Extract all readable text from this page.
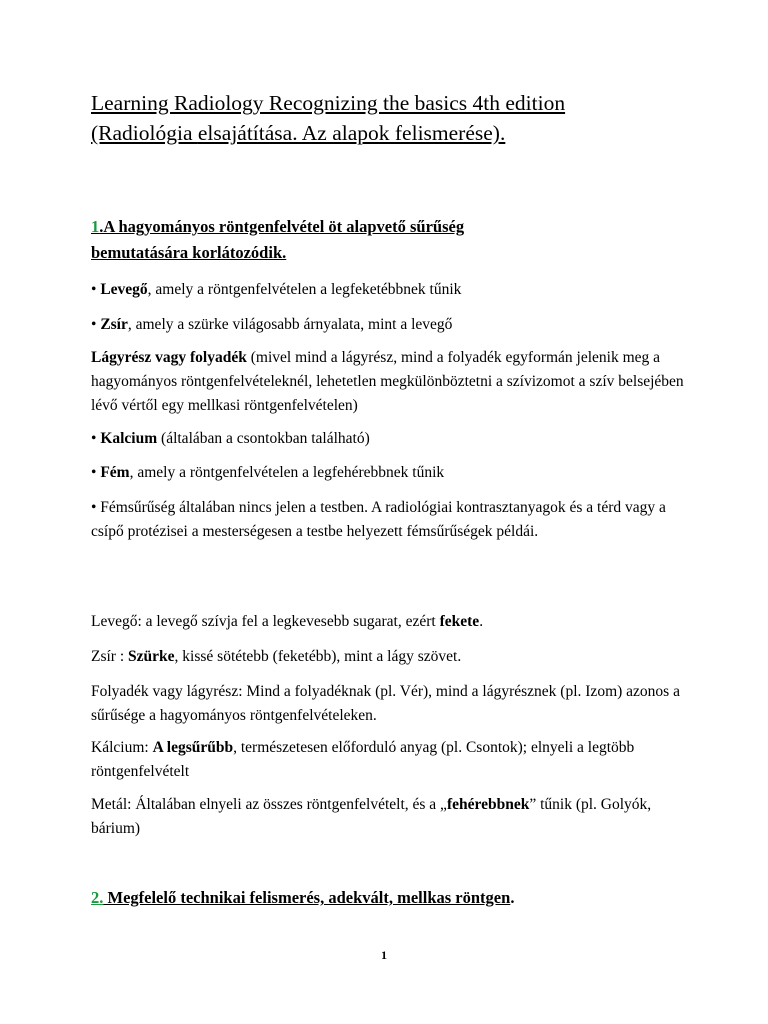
Learning Radiology Recognizing the basics 4th edition
(Radiológia elsajátítása. Az alapok felismerése).
1.A hagyományos röntgenfelvétel öt alapvető sűrűség
bemutatására korlátozódik.
• Levegő, amely a röntgenfelvételen a legfeketébbnek tűnik
• Zsír, amely a szürke világosabb árnyalata, mint a levegő
Lágyrész vagy folyadék (mivel mind a lágyrész, mind a folyadék egyformán jelenik meg a hagyományos röntgenfelvételeknél, lehetetlen megkülönböztetni a szívizomot a szív belsejében lévő vértől egy mellkasi röntgenfelvételen)
• Kalcium (általában a csontokban található)
• Fém, amely a röntgenfelvételen a legfehérebbnek tűnik
• Fémsűrűség általában nincs jelen a testben. A radiológiai kontrasztanyagok és a térd vagy a csípő protézisei a mesterségesen a testbe helyezett fémsűrűségek példái.
Levegő: a levegő szívja fel a legkevesebb sugarat, ezért fekete.
Zsír : Szürke, kissé sötétebb (feketébb), mint a lágy szövet.
Folyadék vagy lágyrész: Mind a folyadéknak (pl. Vér), mind a lágyrésznek (pl. Izom) azonos a sűrűsége a hagyományos röntgenfelvételeken.
Kálcium: A legsűrűbb, természetesen előforduló anyag (pl. Csontok); elnyeli a legtöbb röntgenfelvételt
Metál: Általában elnyeli az összes röntgenfelvételt, és a „fehérebbnek” tűnik (pl. Golyók, bárium)
2. Megfelelő technikai felismerés, adekvált, mellkas röntgen.
1
